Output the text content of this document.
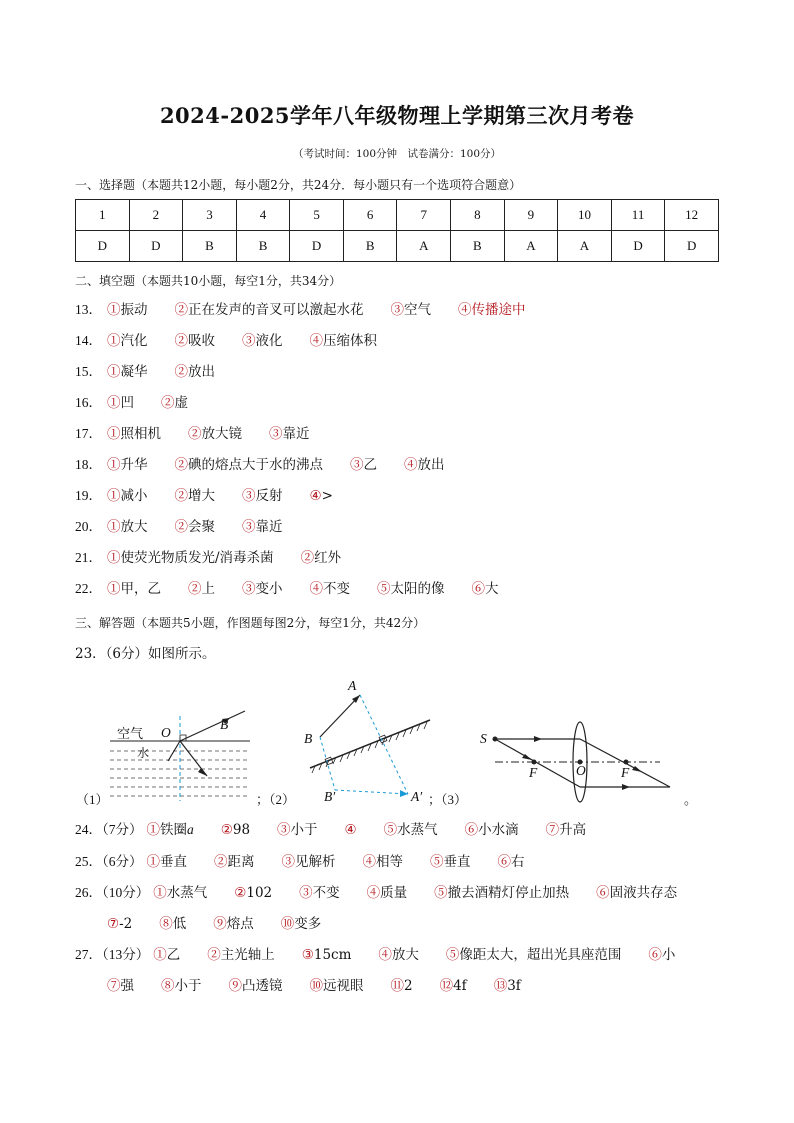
2024-2025学年八年级物理上学期第三次月考卷
（考试时间：100分钟　试卷满分：100分）
一、选择题（本题共12小题，每小题2分，共24分．每小题只有一个选项符合题意）
1	2	3	4	5	6	7	8	9	10	11	12
D	D	B	B	D	B	A	B	A	A	D	D
二、填空题（本题共10小题，每空1分，共34分）
13． ①振动 ②正在发声的音叉可以激起水花 ③空气 ④传播途中
14． ①汽化 ②吸收 ③液化 ④压缩体积
15． ①凝华 ②放出
16． ①凹 ②虚
17． ①照相机 ②放大镜 ③靠近
18． ①升华 ②碘的熔点大于水的沸点 ③乙 ④放出
19． ①减小 ②增大 ③反射 ④>
20． ①放大 ②会聚 ③靠近
21． ①使荧光物质发光/消毒杀菌 ②红外
22． ①甲，乙 ②上 ③变小 ④不变 ⑤太阳的像 ⑥大
三、解答题（本题共5小题，作图题每图2分，每空1分，共42分）
23．（6分）如图所示。
空气
水
O
B
A
B
B′	A′
S
F	O	F
（1）	；（2）	；（3）	。
24．（7分） ①铁圈a ②98 ③小于 ④ ⑤水蒸气 ⑥小水滴 ⑦升高
25．（6分） ①垂直 ②距离 ③见解析 ④相等 ⑤垂直 ⑥右
26．（10分） ①水蒸气 ②102 ③不变 ④质量 ⑤撤去酒精灯停止加热 ⑥固液共存态
⑦-2 ⑧低 ⑨熔点 ⑩变多
27．（13分） ①乙 ②主光轴上 ③15cm ④放大 ⑤像距太大，超出光具座范围 ⑥小
⑦强 ⑧小于 ⑨凸透镜 ⑩远视眼 ⑪2 ⑫4f ⑬3f
